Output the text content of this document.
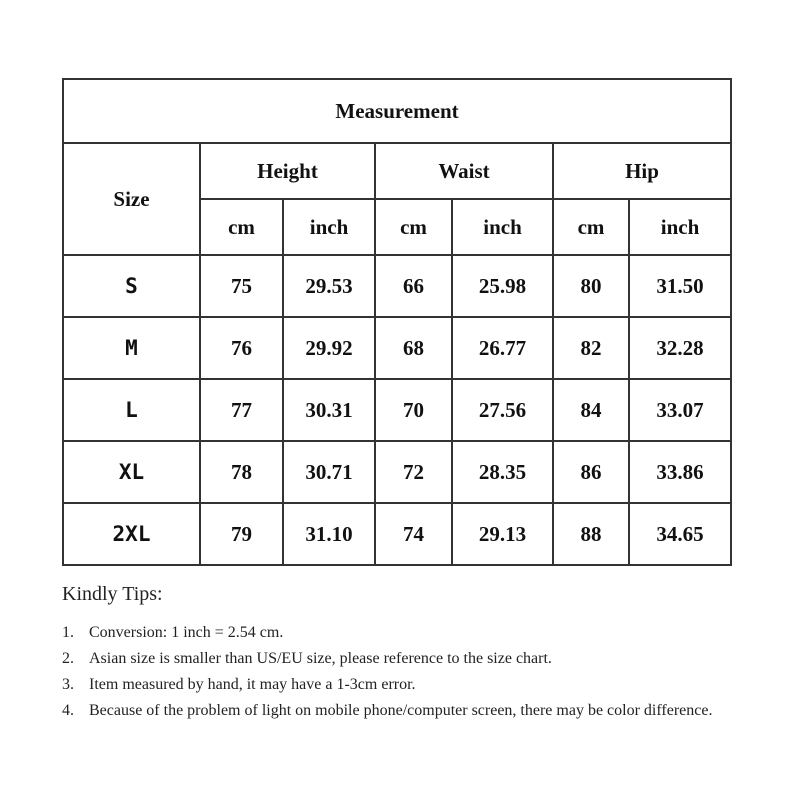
Measurement						
Size	Height		Waist		Hip	
	cm	inch	cm	inch	cm	inch
S	75	29.53	66	25.98	80	31.50
M	76	29.92	68	26.77	82	32.28
L	77	30.31	70	27.56	84	33.07
XL	78	30.71	72	28.35	86	33.86
2XL	79	31.10	74	29.13	88	34.65

Kindly Tips:

1. Conversion: 1 inch = 2.54 cm.
2. Asian size is smaller than US/EU size, please reference to the size chart.
3. Item measured by hand, it may have a 1-3cm error.
4. Because of the problem of light on mobile phone/computer screen, there may be color difference.
